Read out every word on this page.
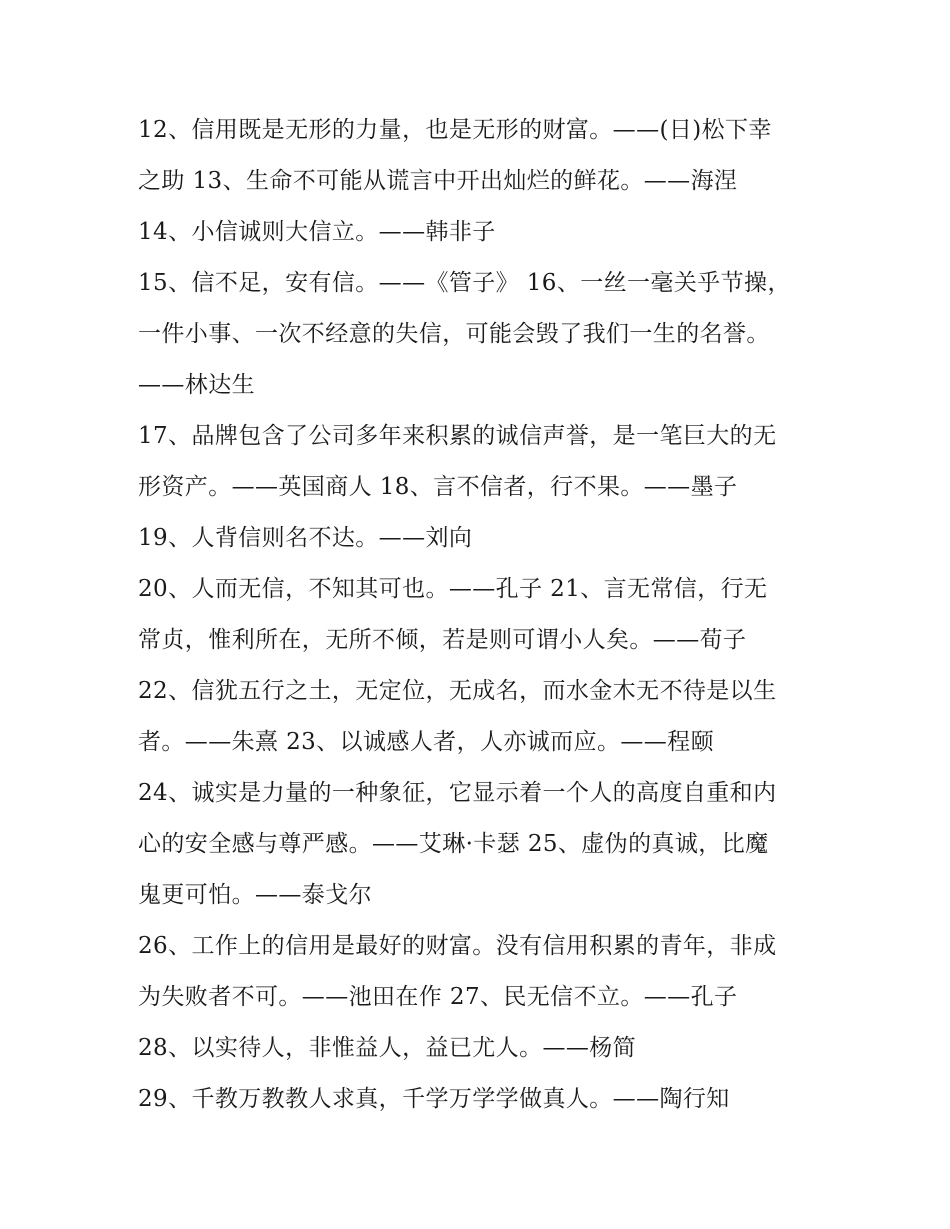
12、信用既是无形的力量，也是无形的财富。——(日)松下幸
之助 13、生命不可能从谎言中开出灿烂的鲜花。——海涅
14、小信诚则大信立。——韩非子
15、信不足，安有信。——《管子》 16、一丝一毫关乎节操，
一件小事、一次不经意的失信，可能会毁了我们一生的名誉。
——林达生
17、品牌包含了公司多年来积累的诚信声誉，是一笔巨大的无
形资产。——英国商人 18、言不信者，行不果。——墨子
19、人背信则名不达。——刘向
20、人而无信，不知其可也。——孔子 21、言无常信，行无
常贞，惟利所在，无所不倾，若是则可谓小人矣。——荀子
22、信犹五行之土，无定位，无成名，而水金木无不待是以生
者。——朱熹 23、以诚感人者，人亦诚而应。——程颐
24、诚实是力量的一种象征，它显示着一个人的高度自重和内
心的安全感与尊严感。——艾琳·卡瑟 25、虚伪的真诚，比魔
鬼更可怕。——泰戈尔
26、工作上的信用是最好的财富。没有信用积累的青年，非成
为失败者不可。——池田在作 27、民无信不立。——孔子
28、以实待人，非惟益人，益已尤人。——杨简
29、千教万教教人求真，千学万学学做真人。——陶行知
